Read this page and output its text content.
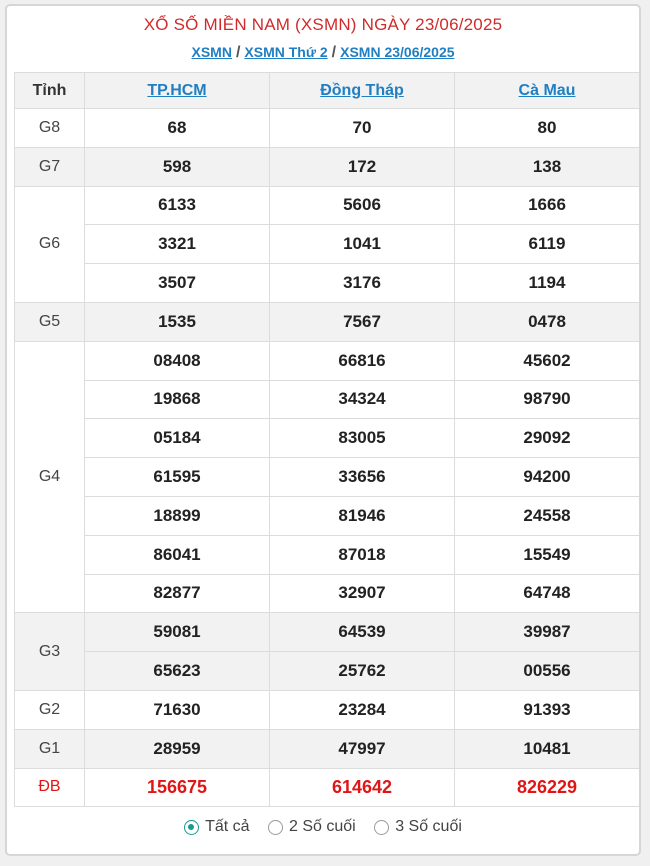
XỔ SỐ MIỀN NAM (XSMN) NGÀY 23/06/2025
XSMN / XSMN Thứ 2 / XSMN 23/06/2025
Tỉnh	TP.HCM	Đồng Tháp	Cà Mau
G8	68	70	80
G7	598	172	138
G6	6133	5606	1666
	3321	1041	6119
	3507	3176	1194
G5	1535	7567	0478
G4	08408	66816	45602
	19868	34324	98790
	05184	83005	29092
	61595	33656	94200
	18899	81946	24558
	86041	87018	15549
	82877	32907	64748
G3	59081	64539	39987
	65623	25762	00556
G2	71630	23284	91393
G1	28959	47997	10481
ĐB	156675	614642	826229
Tất cả
2 Số cuối
3 Số cuối
